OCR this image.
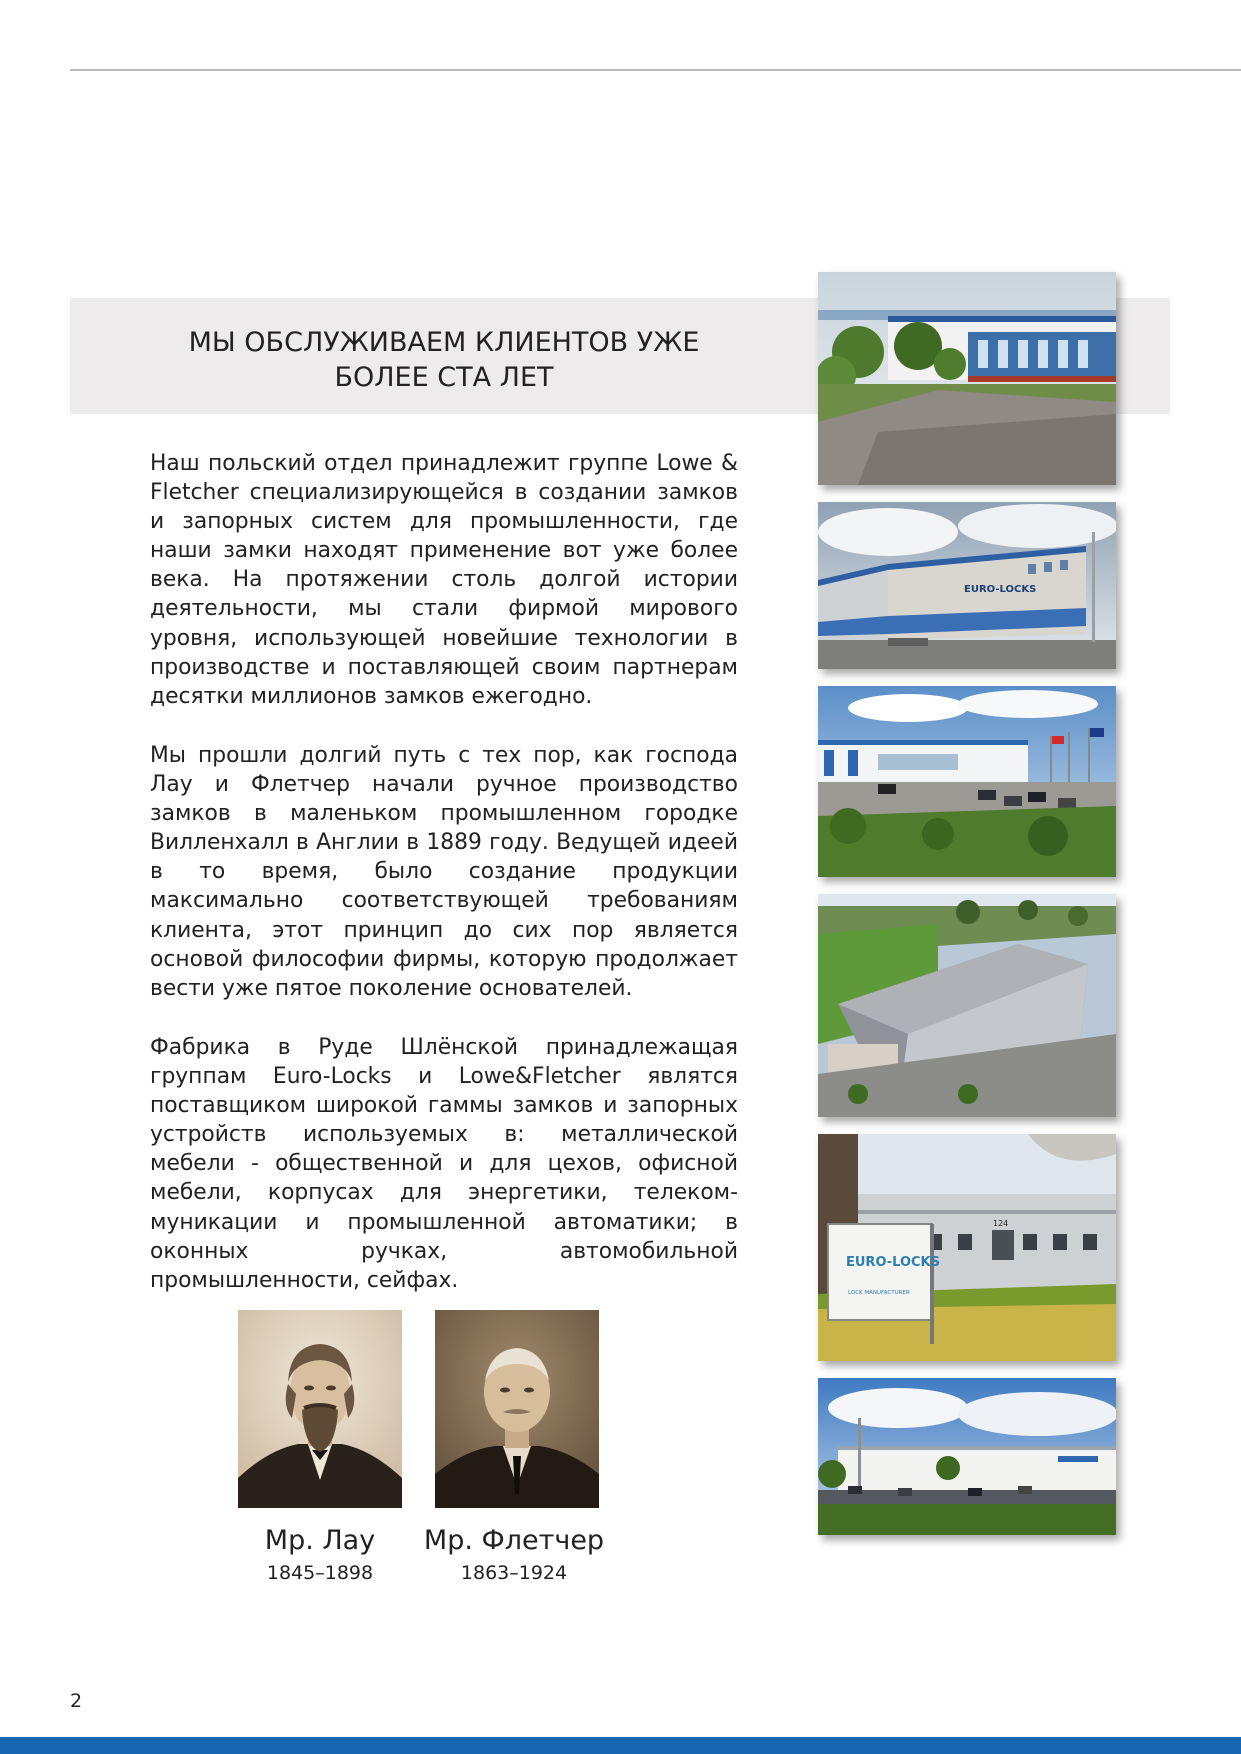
МЫ ОБСЛУЖИВАЕМ КЛИЕНТОВ УЖЕ
БОЛЕЕ СТА ЛЕТ

Наш польский отдел принадлежит группе Lowe & Fletcher специализирующейся в создании замков и запорных систем для промышленности, где наши замки находят применение вот уже более века. На протяжении столь долгой истории деятельности, мы стали фирмой мирового уровня, использующей новейшие технологии в производстве и поставляющей своим партнерам десятки миллионов замков ежегодно.

Мы прошли долгий путь с тех пор, как господа Лау и Флетчер начали ручное производство замков в маленьком промышленном городке Вилленхалл в Англии в 1889 году. Ведущей идеей в то время, было создание продукции максимально соответствующей требованиям клиента, этот принцип до сих пор является основой философии фирмы, которую продолжает вести уже пятое поколение основателей.

Фабрика в Руде Шлёнской принадлежащая группам Euro-Locks и Lowe&Fletcher являтся поставщиком широкой гаммы замков и запорных устройств используемых в: металлической мебели - общественной и для цехов, офисной мебели, корпусах для энергетики, телеком-муникации и промышленной автоматики; в оконных ручках, автомобильной промышленности, сейфах.

Мр. Лау
1845–1898
Мр. Флетчер
1863–1924
EURO-LOCKS
124
EURO-LOCKS
LOCK MANUFACTURER
2
